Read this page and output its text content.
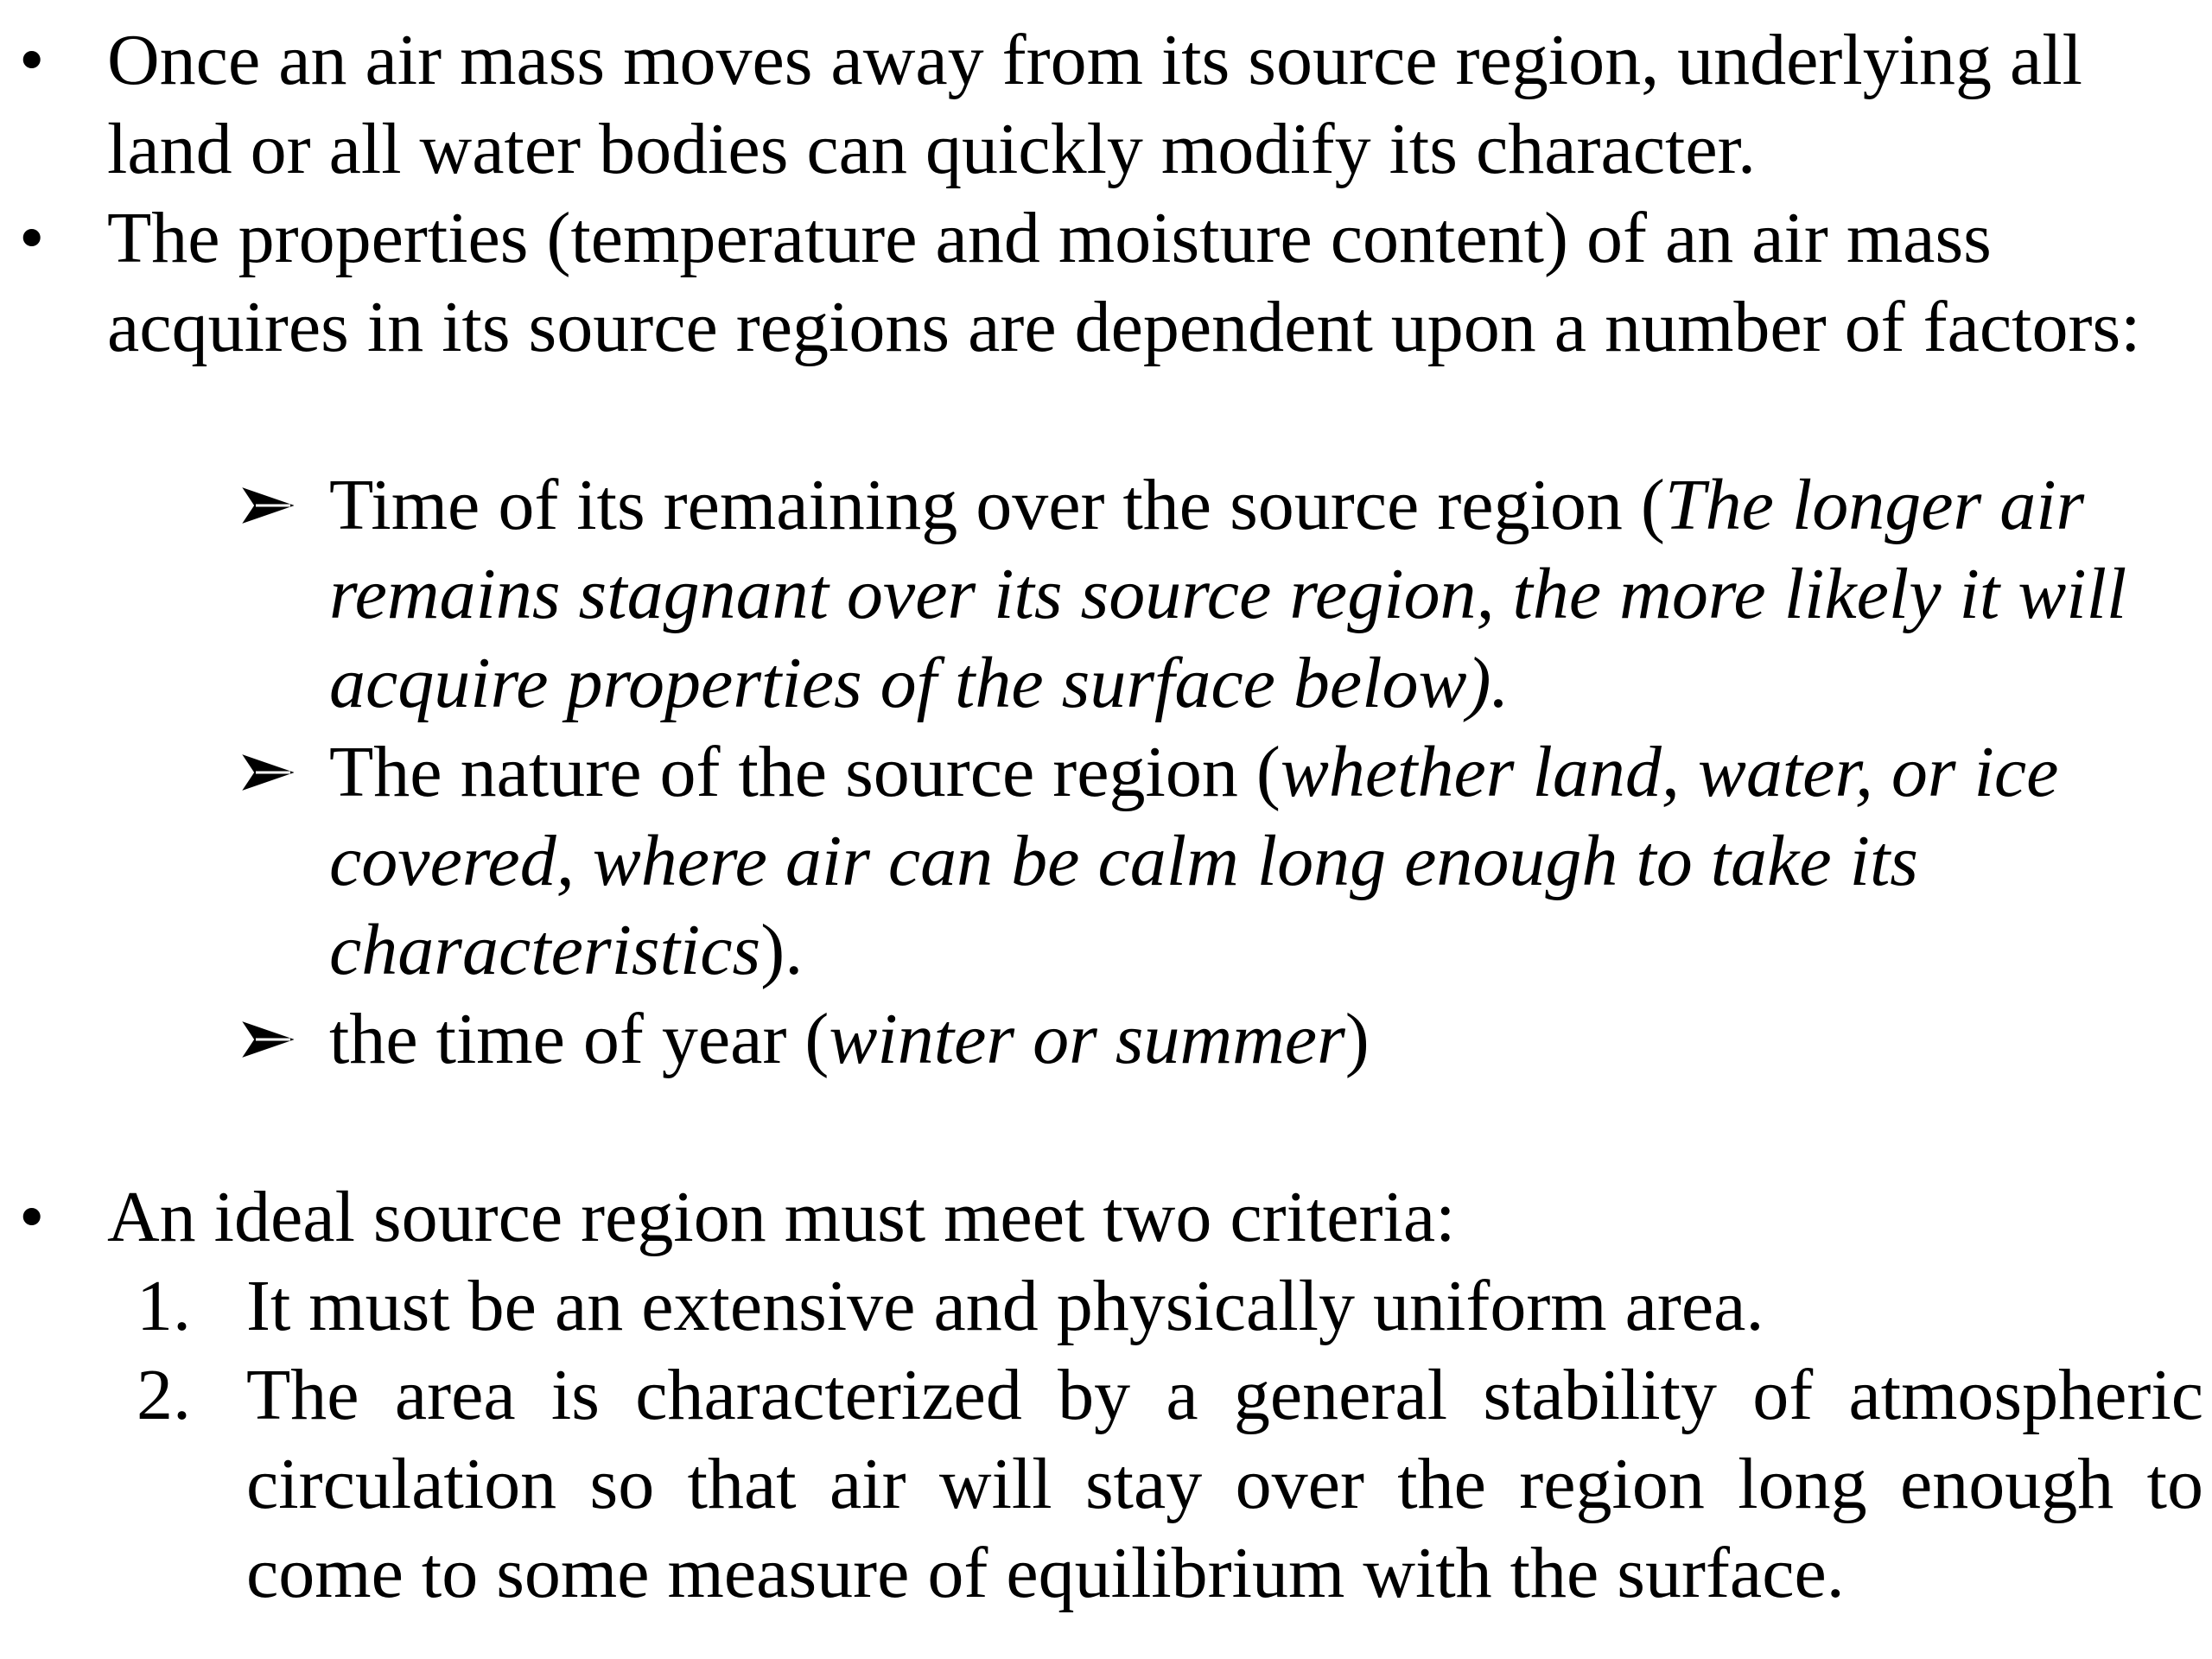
• Once an air mass moves away from its source region, underlying all
land or all water bodies can quickly modify its character.
• The properties (temperature and moisture content) of an air mass
acquires in its source regions are dependent upon a number of factors:
Time of its remaining over the source region (The longer air
remains stagnant over its source region, the more likely it will
acquire properties of the surface below).
The nature of the source region (whether land, water, or ice
covered, where air can be calm long enough to take its
characteristics).
the time of year (winter or summer)
• An ideal source region must meet two criteria:
1. It must be an extensive and physically uniform area.
2. The area is characterized by a general stability of atmospheric
circulation so that air will stay over the region long enough to
come to some measure of equilibrium with the surface.
